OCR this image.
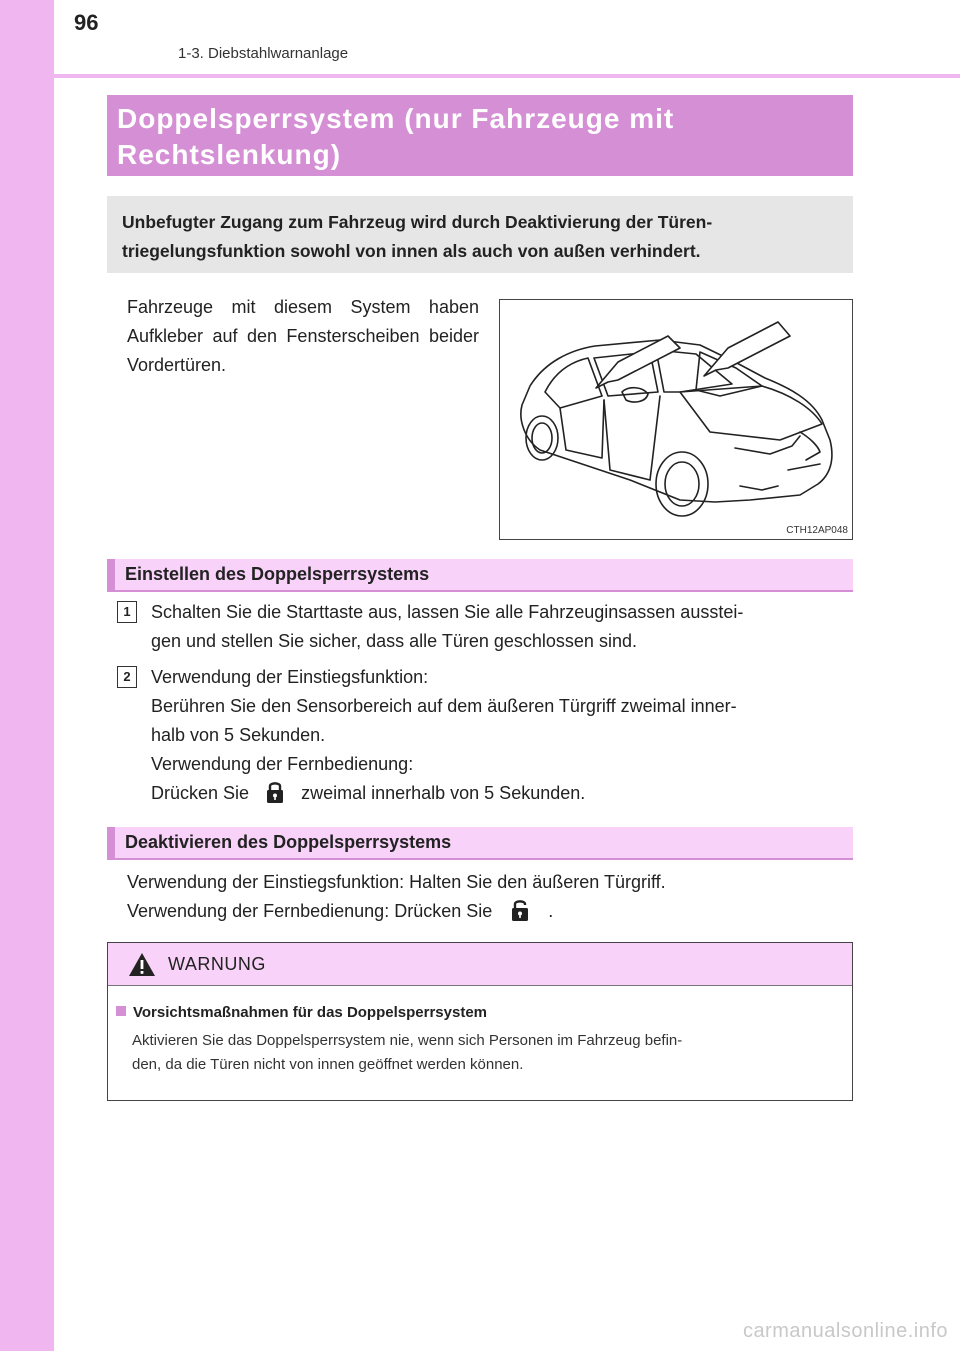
96
1-3. Diebstahlwarnanlage
Doppelsperrsystem (nur Fahrzeuge mit
Rechtslenkung)
Unbefugter Zugang zum Fahrzeug wird durch Deaktivierung der Türen-
triegelungsfunktion sowohl von innen als auch von außen verhindert.
Fahrzeuge mit diesem System haben Aufkleber auf den Fensterscheiben beider Vordertüren.
CTH12AP048
Einstellen des Doppelsperrsystems
1	Schalten Sie die Starttaste aus, lassen Sie alle Fahrzeuginsassen ausstei-
gen und stellen Sie sicher, dass alle Türen geschlossen sind.
2	Verwendung der Einstiegsfunktion:
Berühren Sie den Sensorbereich auf dem äußeren Türgriff zweimal inner-
halb von 5 Sekunden.
Verwendung der Fernbedienung:
Drücken Sie	zweimal innerhalb von 5 Sekunden.
Deaktivieren des Doppelsperrsystems
Verwendung der Einstiegsfunktion: Halten Sie den äußeren Türgriff.
Verwendung der Fernbedienung: Drücken Sie	.
WARNUNG
Vorsichtsmaßnahmen für das Doppelsperrsystem
Aktivieren Sie das Doppelsperrsystem nie, wenn sich Personen im Fahrzeug befin-
den, da die Türen nicht von innen geöffnet werden können.
carmanualsonline.info
